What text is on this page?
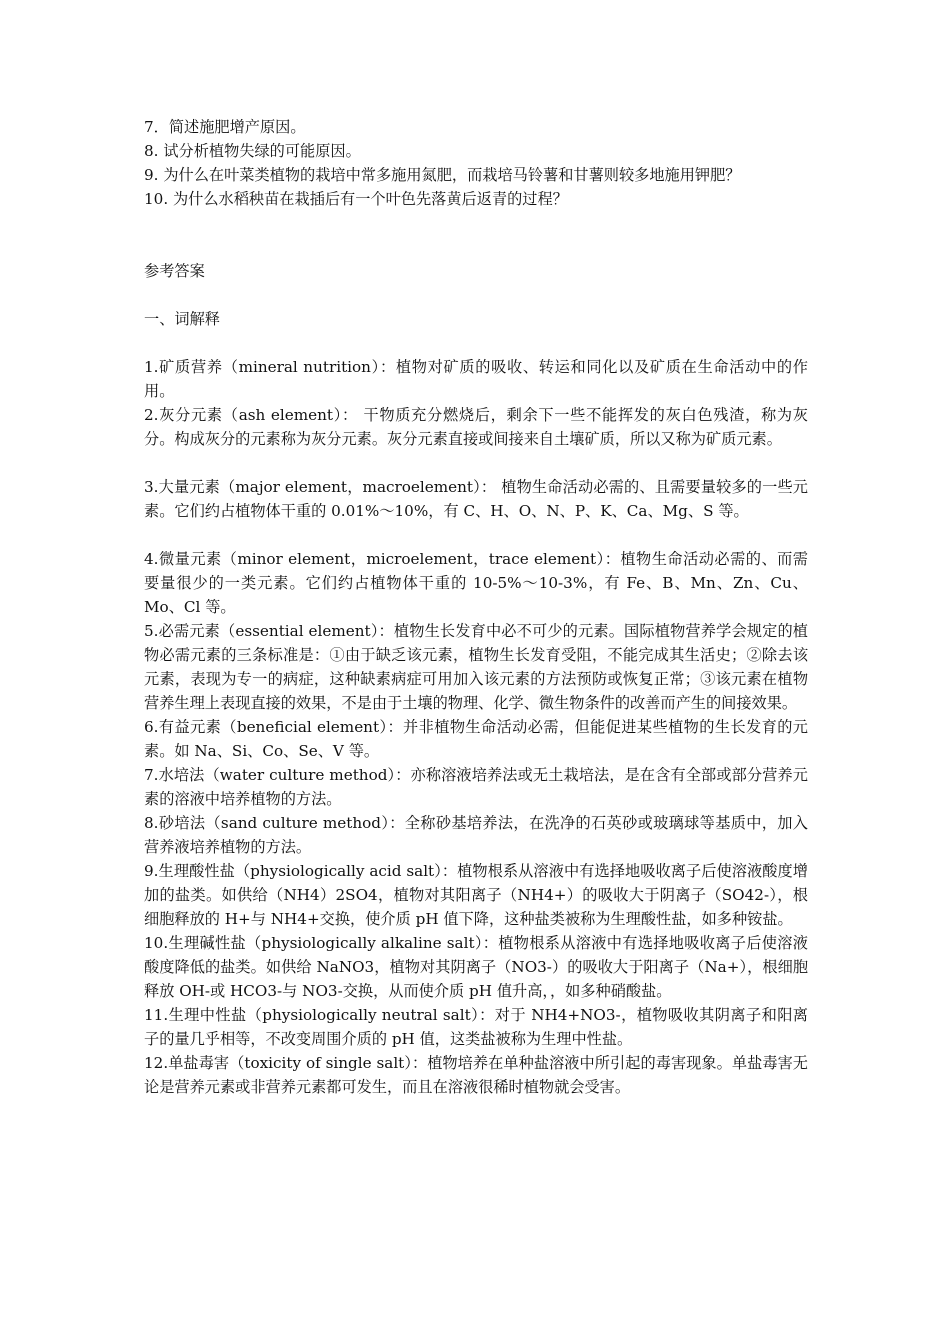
7．简述施肥增产原因。

8. 试分析植物失绿的可能原因。

9. 为什么在叶菜类植物的栽培中常多施用氮肥，而栽培马铃薯和甘薯则较多地施用钾肥？

10. 为什么水稻秧苗在栽插后有一个叶色先落黄后返青的过程？

参考答案

一、词解释

1.矿质营养（mineral nutrition）：植物对矿质的吸收、转运和同化以及矿质在生命活动中的作用。

2.灰分元素（ash element）： 干物质充分燃烧后，剩余下一些不能挥发的灰白色残渣，称为灰分。构成灰分的元素称为灰分元素。灰分元素直接或间接来自土壤矿质，所以又称为矿质元素。

3.大量元素（major element，macroelement）： 植物生命活动必需的、且需要量较多的一些元素。它们约占植物体干重的 0.01%～10%，有 C、H、O、N、P、K、Ca、Mg、S 等。

4.微量元素（minor element，microelement，trace element）：植物生命活动必需的、而需要量很少的一类元素。它们约占植物体干重的 10-5%～10-3%，有 Fe、B、Mn、Zn、Cu、Mo、Cl 等。

5.必需元素（essential element）：植物生长发育中必不可少的元素。国际植物营养学会规定的植物必需元素的三条标准是：①由于缺乏该元素，植物生长发育受阻，不能完成其生活史；②除去该元素，表现为专一的病症，这种缺素病症可用加入该元素的方法预防或恢复正常；③该元素在植物营养生理上表现直接的效果，不是由于土壤的物理、化学、微生物条件的改善而产生的间接效果。

6.有益元素（beneficial element）：并非植物生命活动必需，但能促进某些植物的生长发育的元素。如 Na、Si、Co、Se、V 等。

7.水培法（water culture method）：亦称溶液培养法或无土栽培法，是在含有全部或部分营养元素的溶液中培养植物的方法。

8.砂培法（sand culture method）：全称砂基培养法，在洗净的石英砂或玻璃球等基质中，加入营养液培养植物的方法。

9.生理酸性盐（physiologically acid salt）：植物根系从溶液中有选择地吸收离子后使溶液酸度增加的盐类。如供给（NH4）2SO4，植物对其阳离子（NH4+）的吸收大于阴离子（SO42-），根细胞释放的 H+与 NH4+交换，使介质 pH 值下降，这种盐类被称为生理酸性盐，如多种铵盐。

10.生理碱性盐（physiologically alkaline salt）：植物根系从溶液中有选择地吸收离子后使溶液酸度降低的盐类。如供给 NaNO3，植物对其阴离子（NO3-）的吸收大于阳离子（Na+），根细胞释放 OH-或 HCO3-与 NO3-交换，从而使介质 pH 值升高，，如多种硝酸盐。

11.生理中性盐（physiologically neutral salt）：对于 NH4+NO3-，植物吸收其阴离子和阳离子的量几乎相等，不改变周围介质的 pH 值，这类盐被称为生理中性盐。

12.单盐毒害（toxicity of single salt）：植物培养在单种盐溶液中所引起的毒害现象。单盐毒害无论是营养元素或非营养元素都可发生，而且在溶液很稀时植物就会受害。
